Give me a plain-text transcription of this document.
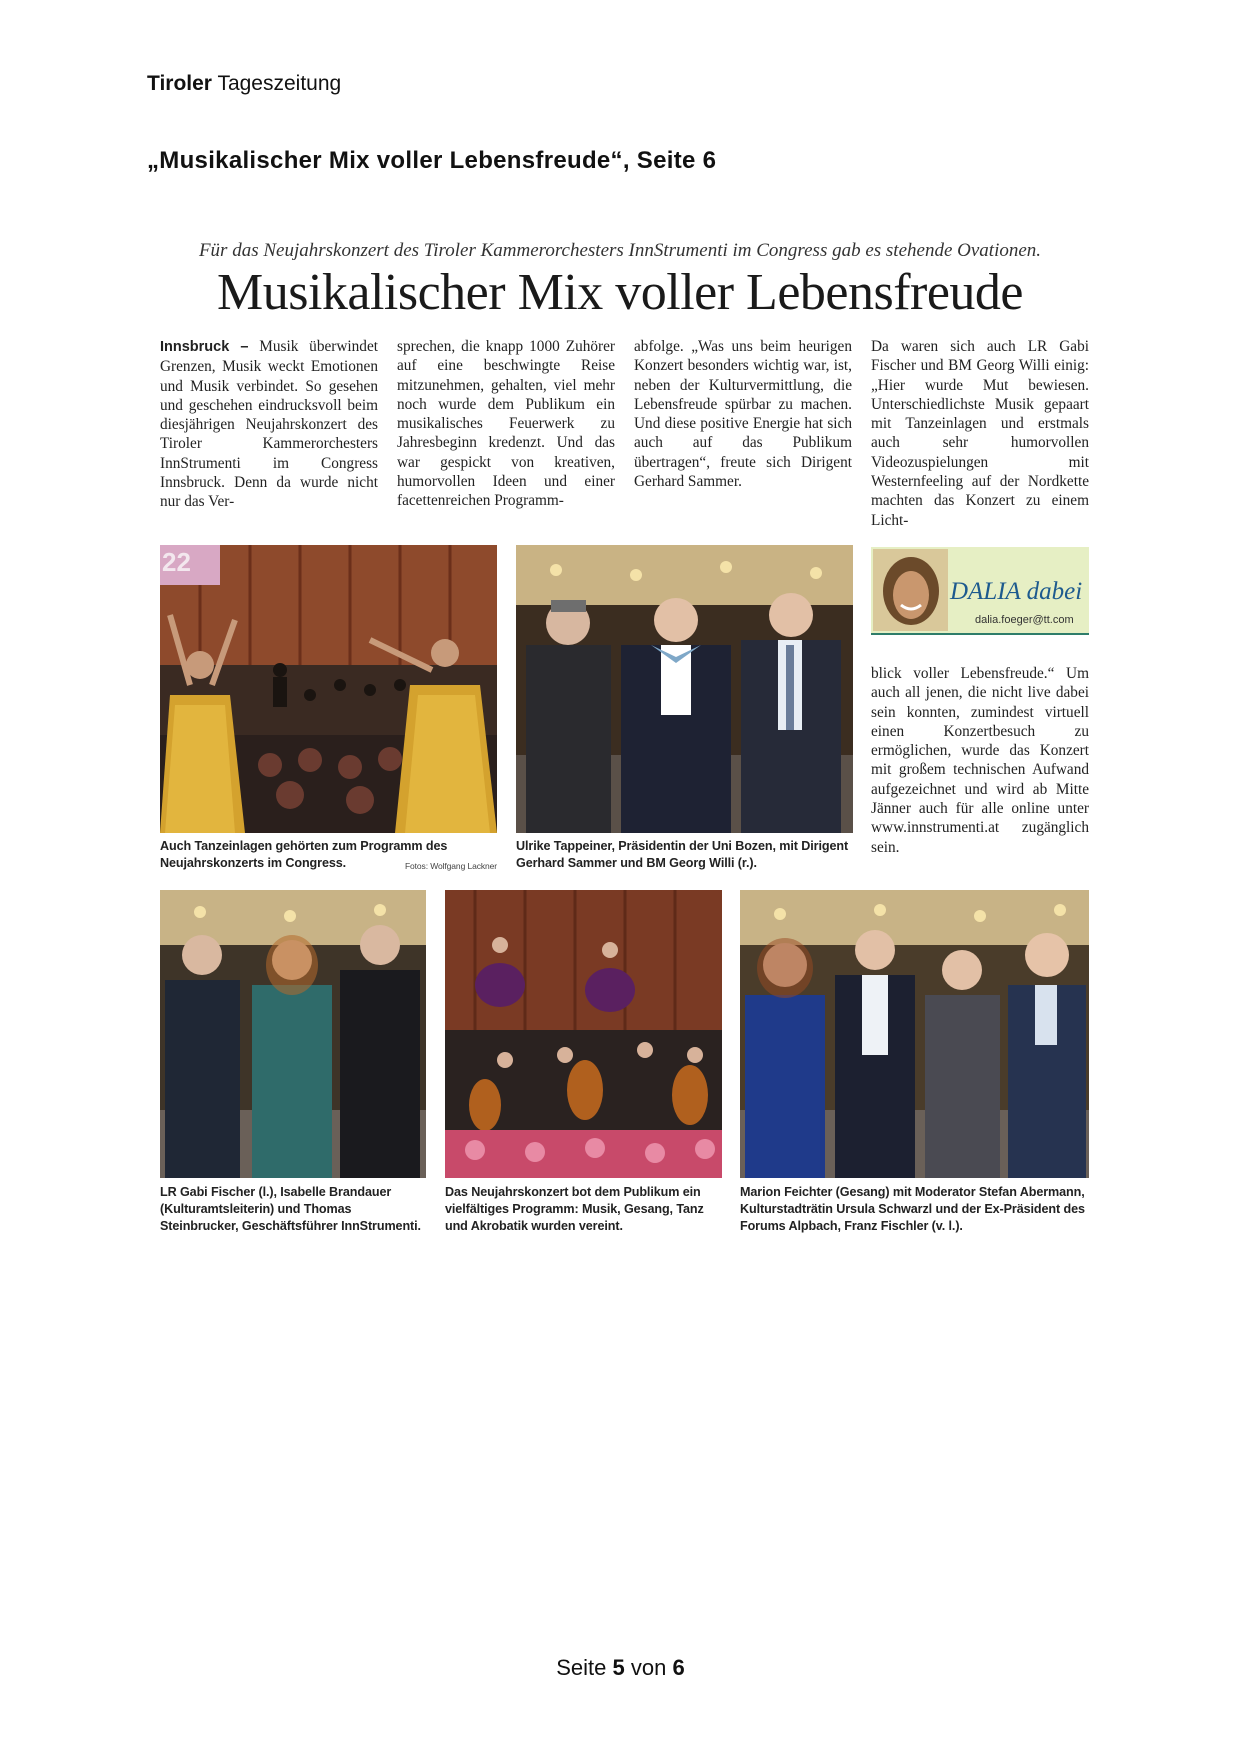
Tiroler Tageszeitung
„Musikalischer Mix voller Lebensfreude“, Seite 6
Für das Neujahrskonzert des Tiroler Kammerorchesters InnStrumenti im Congress gab es stehende Ovationen.
Musikalischer Mix voller Lebensfreude
Innsbruck – Musik überwindet Grenzen, Musik weckt Emotionen und Musik verbindet. So gesehen und geschehen eindrucksvoll beim diesjährigen Neujahrskonzert des Tiroler Kammerorchesters InnStrumenti im Congress Innsbruck. Denn da wurde nicht nur das Ver-
sprechen, die knapp 1000 Zuhörer auf eine beschwingte Reise mitzunehmen, gehalten, viel mehr noch wurde dem Publikum ein musikalisches Feuerwerk zu Jahresbeginn kredenzt. Und das war gespickt von kreativen, humorvollen Ideen und einer facettenreichen Programm-
abfolge. „Was uns beim heurigen Konzert besonders wichtig war, ist, neben der Kulturvermittlung, die Lebensfreude spürbar zu machen. Und diese positive Energie hat sich auch auf das Publikum übertragen“, freute sich Dirigent Gerhard Sammer.
Da waren sich auch LR Gabi Fischer und BM Georg Willi einig: „Hier wurde Mut bewiesen. Unterschiedlichste Musik gepaart mit Tanzeinlagen und erstmals auch sehr humorvollen Videozuspielungen mit Westernfeeling auf der Nordkette machten das Konzert zu einem Licht-
22
DALIA dabei
dalia.foeger@tt.com
blick voller Lebensfreude.“ Um auch all jenen, die nicht live dabei sein konnten, zumindest virtuell einen Konzertbesuch zu ermöglichen, wurde das Konzert mit großem technischen Aufwand aufgezeichnet und wird ab Mitte Jänner auch für alle online unter www.innstrumenti.at zugänglich sein.
Auch Tanzeinlagen gehörten zum Programm des Neujahrskonzerts im Congress.	Fotos: Wolfgang Lackner
Ulrike Tappeiner, Präsidentin der Uni Bozen, mit Dirigent Gerhard Sammer und BM Georg Willi (r.).
LR Gabi Fischer (l.), Isabelle Brandauer (Kulturamtsleiterin) und Thomas Steinbrucker, Geschäftsführer InnStrumenti.
Das Neujahrskonzert bot dem Publikum ein vielfältiges Programm: Musik, Gesang, Tanz und Akrobatik wurden vereint.
Marion Feichter (Gesang) mit Moderator Stefan Abermann, Kulturstadträtin Ursula Schwarzl und der Ex-Präsident des Forums Alpbach, Franz Fischler (v. l.).
Seite 5 von 6
